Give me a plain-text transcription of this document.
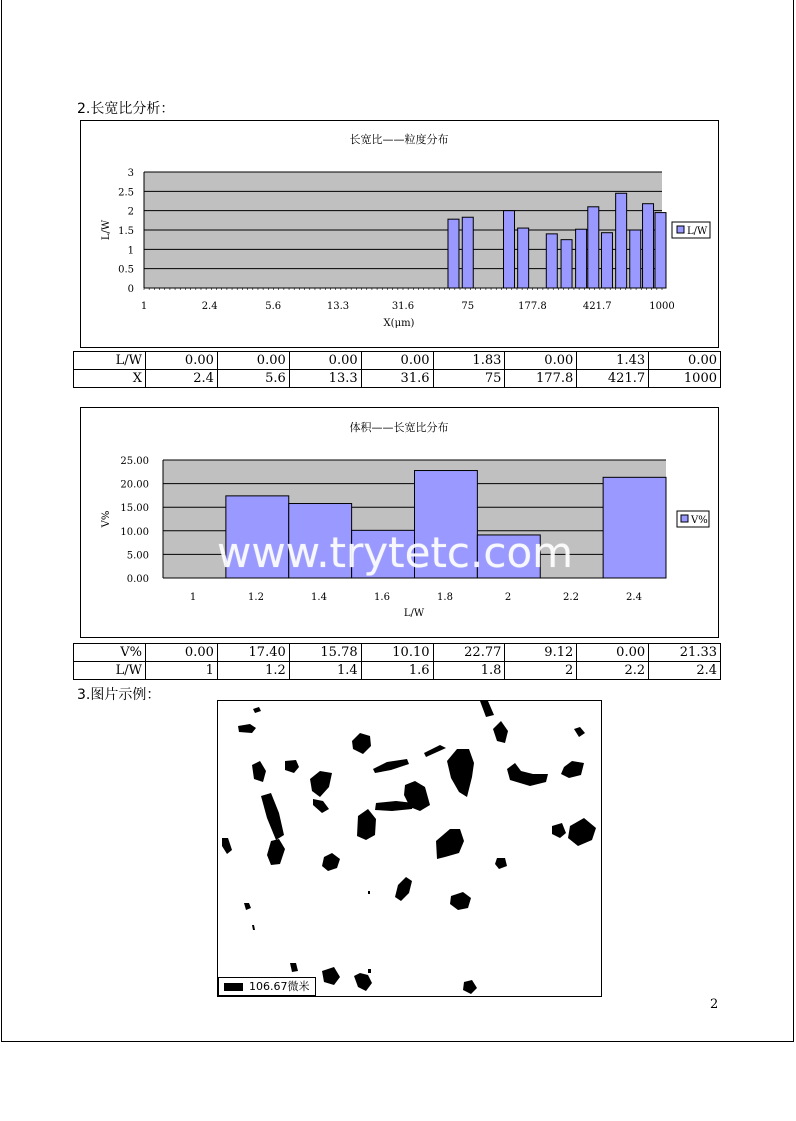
2.长宽比分析：
长宽比——粒度分布
0
0.5
1
1.5
2
2.5
3
1	2.4	5.6	13.3	31.6	75	177.8	421.7	1000
X(μm)
L/W	L/W
L/W	0.00	0.00	0.00	0.00	1.83	0.00	1.43	0.00
X	2.4	5.6	13.3	31.6	75	177.8	421.7	1000
体积——长宽比分布
0.00
5.00
10.00
15.00
20.00
25.00
1	1.2	1.4	1.6	1.8	2	2.2	2.4
L/W
V%	V%
www.trytetc.com
V%	0.00	17.40	15.78	10.10	22.77	9.12	0.00	21.33
L/W	1	1.2	1.4	1.6	1.8	2	2.2	2.4
3.图片示例：
106.67微米
2
